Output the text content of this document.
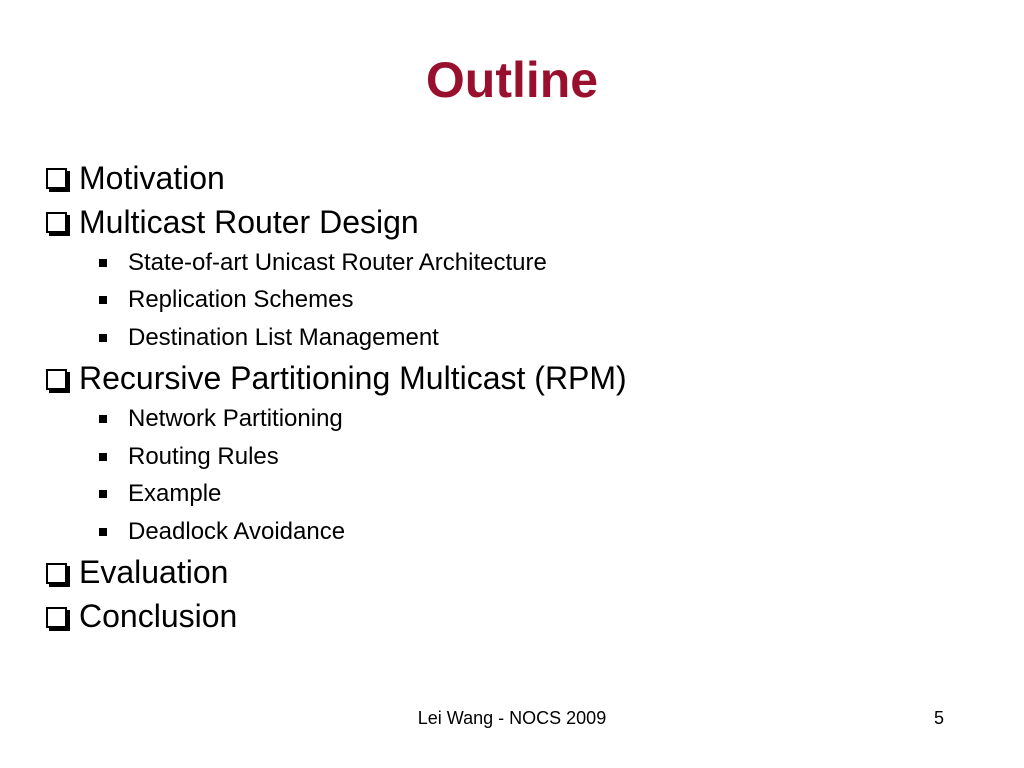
Outline
Motivation
Multicast Router Design
State-of-art Unicast Router Architecture
Replication Schemes
Destination List Management
Recursive Partitioning Multicast (RPM)
Network Partitioning
Routing Rules
Example
Deadlock Avoidance
Evaluation
Conclusion
Lei Wang - NOCS 2009	5
